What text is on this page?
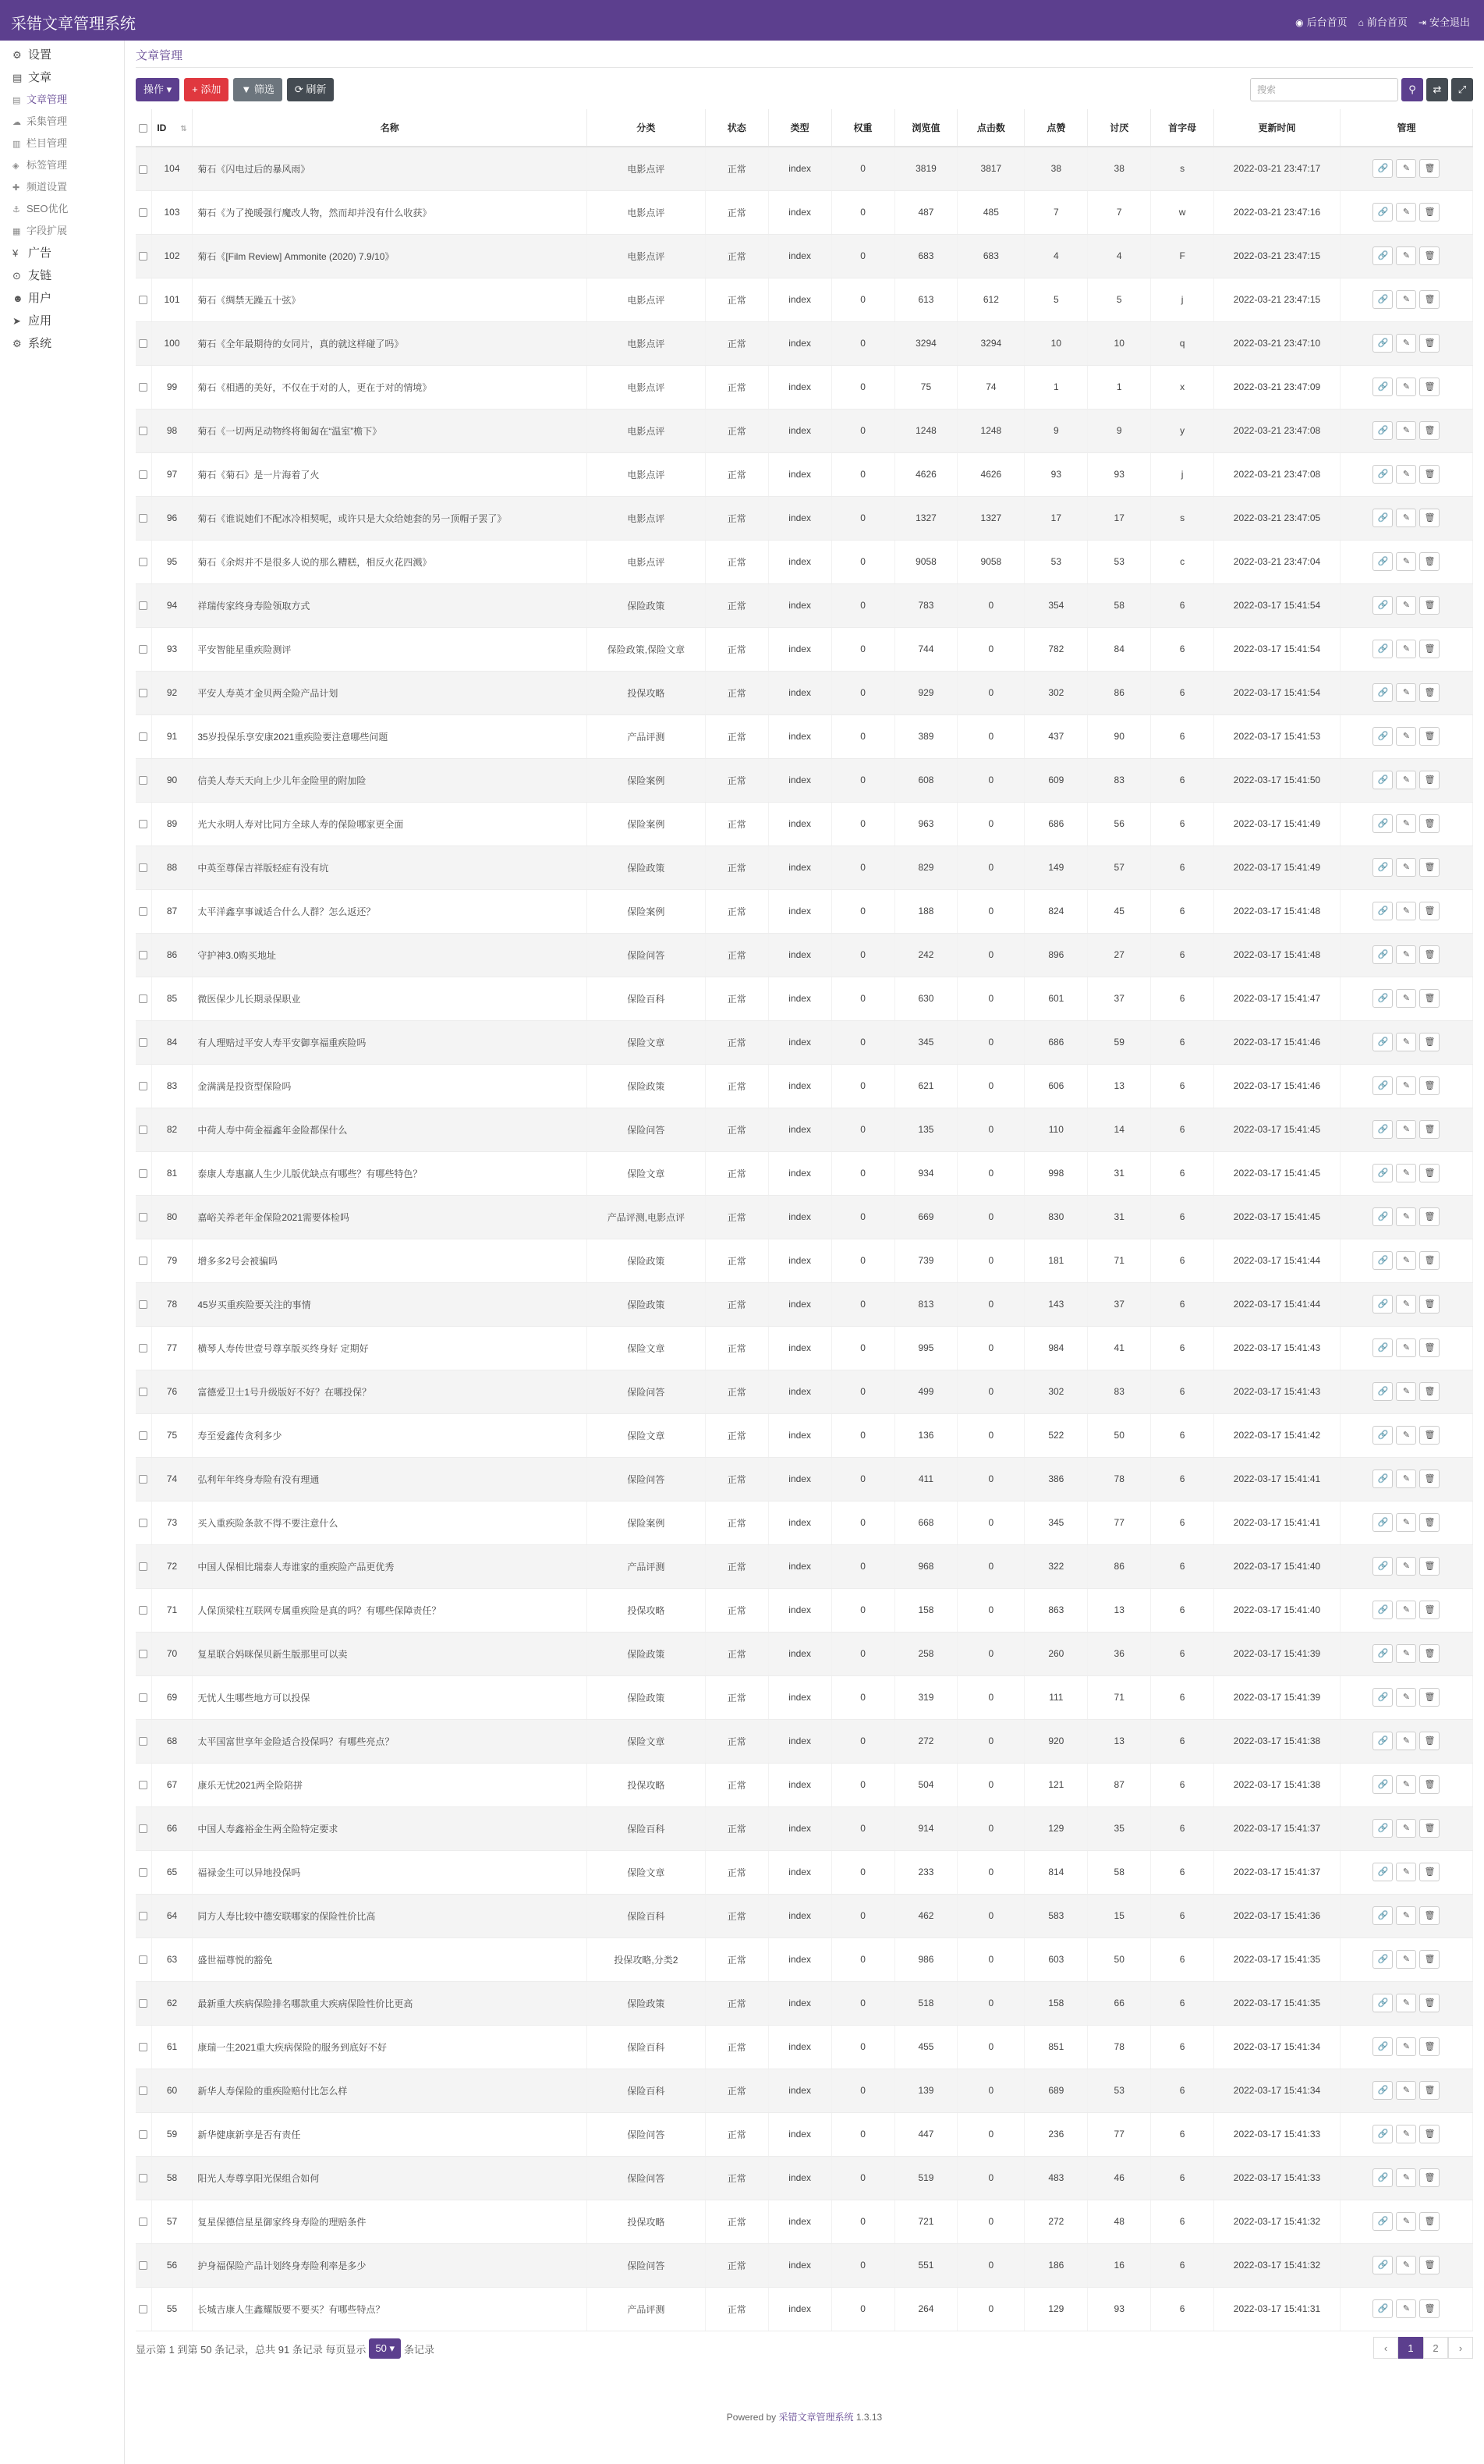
采错文章管理系统	◉ 后台首页 ⌂ 前台首页 ⇥ 安全退出
⚙ 设置
▤ 文章
▤ 文章管理
☁ 采集管理
▥ 栏目管理
◈ 标签管理
✚ 频道设置
⚓ SEO优化
▦ 字段扩展
¥ 广告
⊙ 友链
☻ 用户
➤ 应用
⚙ 系统
文章管理
操作 ▾	+ 添加	▼ 筛选	⟳ 刷新	搜索	⚲	⇄	⤢
	ID ⇅	名称	分类	状态	类型	权重	浏览值	点击数	点赞	讨厌	首字母	更新时间	管理
	104	菊石《闪电过后的暴风雨》	电影点评	正常	index	0	3819	3817	38	38	s	2022-03-21 23:47:17	🔗 ✎ 🗑

	103	菊石《为了挽暖强行魔改人物，然而却并没有什么收获》	电影点评	正常	index	0	487	485	7	7	w	2022-03-21 23:47:16	🔗 ✎ 🗑

	102	菊石《[Film Review] Ammonite (2020) 7.9/10》	电影点评	正常	index	0	683	683	4	4	F	2022-03-21 23:47:15	🔗 ✎ 🗑

	101	菊石《绸禁无躁五十弦》	电影点评	正常	index	0	613	612	5	5	j	2022-03-21 23:47:15	🔗 ✎ 🗑

	100	菊石《全年最期待的女同片，真的就这样碰了吗》	电影点评	正常	index	0	3294	3294	10	10	q	2022-03-21 23:47:10	🔗 ✎ 🗑

	99	菊石《相遇的美好，不仅在于对的人，更在于对的情境》	电影点评	正常	index	0	75	74	1	1	x	2022-03-21 23:47:09	🔗 ✎ 🗑

	98	菊石《一切两足动物终将匍匐在“温室”檐下》	电影点评	正常	index	0	1248	1248	9	9	y	2022-03-21 23:47:08	🔗 ✎ 🗑

	97	菊石《菊石》是一片海着了火	电影点评	正常	index	0	4626	4626	93	93	j	2022-03-21 23:47:08	🔗 ✎ 🗑

	96	菊石《谁说她们不配冰冷相契呢，或许只是大众给她套的另一顶帽子罢了》	电影点评	正常	index	0	1327	1327	17	17	s	2022-03-21 23:47:05	🔗 ✎ 🗑

	95	菊石《余烬并不是很多人说的那么糟糕，相反火花四溅》	电影点评	正常	index	0	9058	9058	53	53	c	2022-03-21 23:47:04	🔗 ✎ 🗑

	94	祥瑞传家终身寿险领取方式	保险政策	正常	index	0	783	0	354	58	6	2022-03-17 15:41:54	🔗 ✎ 🗑

	93	平安智能星重疾险测评	保险政策,保险文章	正常	index	0	744	0	782	84	6	2022-03-17 15:41:54	🔗 ✎ 🗑

	92	平安人寿英才金贝两全险产品计划	投保攻略	正常	index	0	929	0	302	86	6	2022-03-17 15:41:54	🔗 ✎ 🗑

	91	35岁投保乐享安康2021重疾险要注意哪些问题	产品评测	正常	index	0	389	0	437	90	6	2022-03-17 15:41:53	🔗 ✎ 🗑

	90	信美人寿天天向上少儿年金险里的附加险	保险案例	正常	index	0	608	0	609	83	6	2022-03-17 15:41:50	🔗 ✎ 🗑

	89	光大永明人寿对比同方全球人寿的保险哪家更全面	保险案例	正常	index	0	963	0	686	56	6	2022-03-17 15:41:49	🔗 ✎ 🗑

	88	中英至尊保吉祥版轻症有没有坑	保险政策	正常	index	0	829	0	149	57	6	2022-03-17 15:41:49	🔗 ✎ 🗑

	87	太平洋鑫享事诚适合什么人群？怎么返还？	保险案例	正常	index	0	188	0	824	45	6	2022-03-17 15:41:48	🔗 ✎ 🗑

	86	守护神3.0购买地址	保险问答	正常	index	0	242	0	896	27	6	2022-03-17 15:41:48	🔗 ✎ 🗑

	85	微医保少儿长期录保职业	保险百科	正常	index	0	630	0	601	37	6	2022-03-17 15:41:47	🔗 ✎ 🗑

	84	有人理赔过平安人寿平安御享福重疾险吗	保险文章	正常	index	0	345	0	686	59	6	2022-03-17 15:41:46	🔗 ✎ 🗑

	83	金满满是投资型保险吗	保险政策	正常	index	0	621	0	606	13	6	2022-03-17 15:41:46	🔗 ✎ 🗑

	82	中荷人寿中荷金福鑫年金险都保什么	保险问答	正常	index	0	135	0	110	14	6	2022-03-17 15:41:45	🔗 ✎ 🗑

	81	泰康人寿惠赢人生少儿版优缺点有哪些？有哪些特色？	保险文章	正常	index	0	934	0	998	31	6	2022-03-17 15:41:45	🔗 ✎ 🗑

	80	嘉峪关养老年金保险2021需要体检吗	产品评测,电影点评	正常	index	0	669	0	830	31	6	2022-03-17 15:41:45	🔗 ✎ 🗑

	79	增多多2号会被骗吗	保险政策	正常	index	0	739	0	181	71	6	2022-03-17 15:41:44	🔗 ✎ 🗑

	78	45岁买重疾险要关注的事情	保险政策	正常	index	0	813	0	143	37	6	2022-03-17 15:41:44	🔗 ✎ 🗑

	77	横琴人寿传世壹号尊享版买终身好 定期好	保险文章	正常	index	0	995	0	984	41	6	2022-03-17 15:41:43	🔗 ✎ 🗑

	76	富德爱卫士1号升级版好不好？在哪投保？	保险问答	正常	index	0	499	0	302	83	6	2022-03-17 15:41:43	🔗 ✎ 🗑

	75	寿至爱鑫传贪利多少	保险文章	正常	index	0	136	0	522	50	6	2022-03-17 15:41:42	🔗 ✎ 🗑

	74	弘利年年终身寿险有没有理通	保险问答	正常	index	0	411	0	386	78	6	2022-03-17 15:41:41	🔗 ✎ 🗑

	73	买入重疾险条款不得不要注意什么	保险案例	正常	index	0	668	0	345	77	6	2022-03-17 15:41:41	🔗 ✎ 🗑

	72	中国人保相比瑞泰人寿谁家的重疾险产品更优秀	产品评测	正常	index	0	968	0	322	86	6	2022-03-17 15:41:40	🔗 ✎ 🗑

	71	人保顶梁柱互联网专属重疾险是真的吗？有哪些保障责任？	投保攻略	正常	index	0	158	0	863	13	6	2022-03-17 15:41:40	🔗 ✎ 🗑

	70	复星联合妈咪保贝新生版那里可以卖	保险政策	正常	index	0	258	0	260	36	6	2022-03-17 15:41:39	🔗 ✎ 🗑

	69	无忧人生哪些地方可以投保	保险政策	正常	index	0	319	0	111	71	6	2022-03-17 15:41:39	🔗 ✎ 🗑

	68	太平国富世享年金险适合投保吗？有哪些亮点？	保险文章	正常	index	0	272	0	920	13	6	2022-03-17 15:41:38	🔗 ✎ 🗑

	67	康乐无忧2021两全险陪拼	投保攻略	正常	index	0	504	0	121	87	6	2022-03-17 15:41:38	🔗 ✎ 🗑

	66	中国人寿鑫裕金生两全险特定要求	保险百科	正常	index	0	914	0	129	35	6	2022-03-17 15:41:37	🔗 ✎ 🗑

	65	福禄金生可以异地投保吗	保险文章	正常	index	0	233	0	814	58	6	2022-03-17 15:41:37	🔗 ✎ 🗑

	64	同方人寿比较中德安联哪家的保险性价比高	保险百科	正常	index	0	462	0	583	15	6	2022-03-17 15:41:36	🔗 ✎ 🗑

	63	盛世福尊悦的豁免	投保攻略,分类2	正常	index	0	986	0	603	50	6	2022-03-17 15:41:35	🔗 ✎ 🗑

	62	最新重大疾病保险排名哪款重大疾病保险性价比更高	保险政策	正常	index	0	518	0	158	66	6	2022-03-17 15:41:35	🔗 ✎ 🗑

	61	康瑞一生2021重大疾病保险的服务到底好不好	保险百科	正常	index	0	455	0	851	78	6	2022-03-17 15:41:34	🔗 ✎ 🗑

	60	新华人寿保险的重疾险赔付比怎么样	保险百科	正常	index	0	139	0	689	53	6	2022-03-17 15:41:34	🔗 ✎ 🗑

	59	新华健康新享是否有责任	保险问答	正常	index	0	447	0	236	77	6	2022-03-17 15:41:33	🔗 ✎ 🗑

	58	阳光人寿尊享阳光保组合如何	保险问答	正常	index	0	519	0	483	46	6	2022-03-17 15:41:33	🔗 ✎ 🗑

	57	复星保德信星星御家终身寿险的理赔条件	投保攻略	正常	index	0	721	0	272	48	6	2022-03-17 15:41:32	🔗 ✎ 🗑

	56	护身福保险产品计划终身寿险利率是多少	保险问答	正常	index	0	551	0	186	16	6	2022-03-17 15:41:32	🔗 ✎ 🗑

	55	长城吉康人生鑫耀版要不要买？有哪些特点？	产品评测	正常	index	0	264	0	129	93	6	2022-03-17 15:41:31	🔗 ✎ 🗑
显示第 1 到第 50 条记录，总共 91 条记录 每页显示 50 ▾ 条记录	‹	1	2	›
Powered by 采错文章管理系统 1.3.13
